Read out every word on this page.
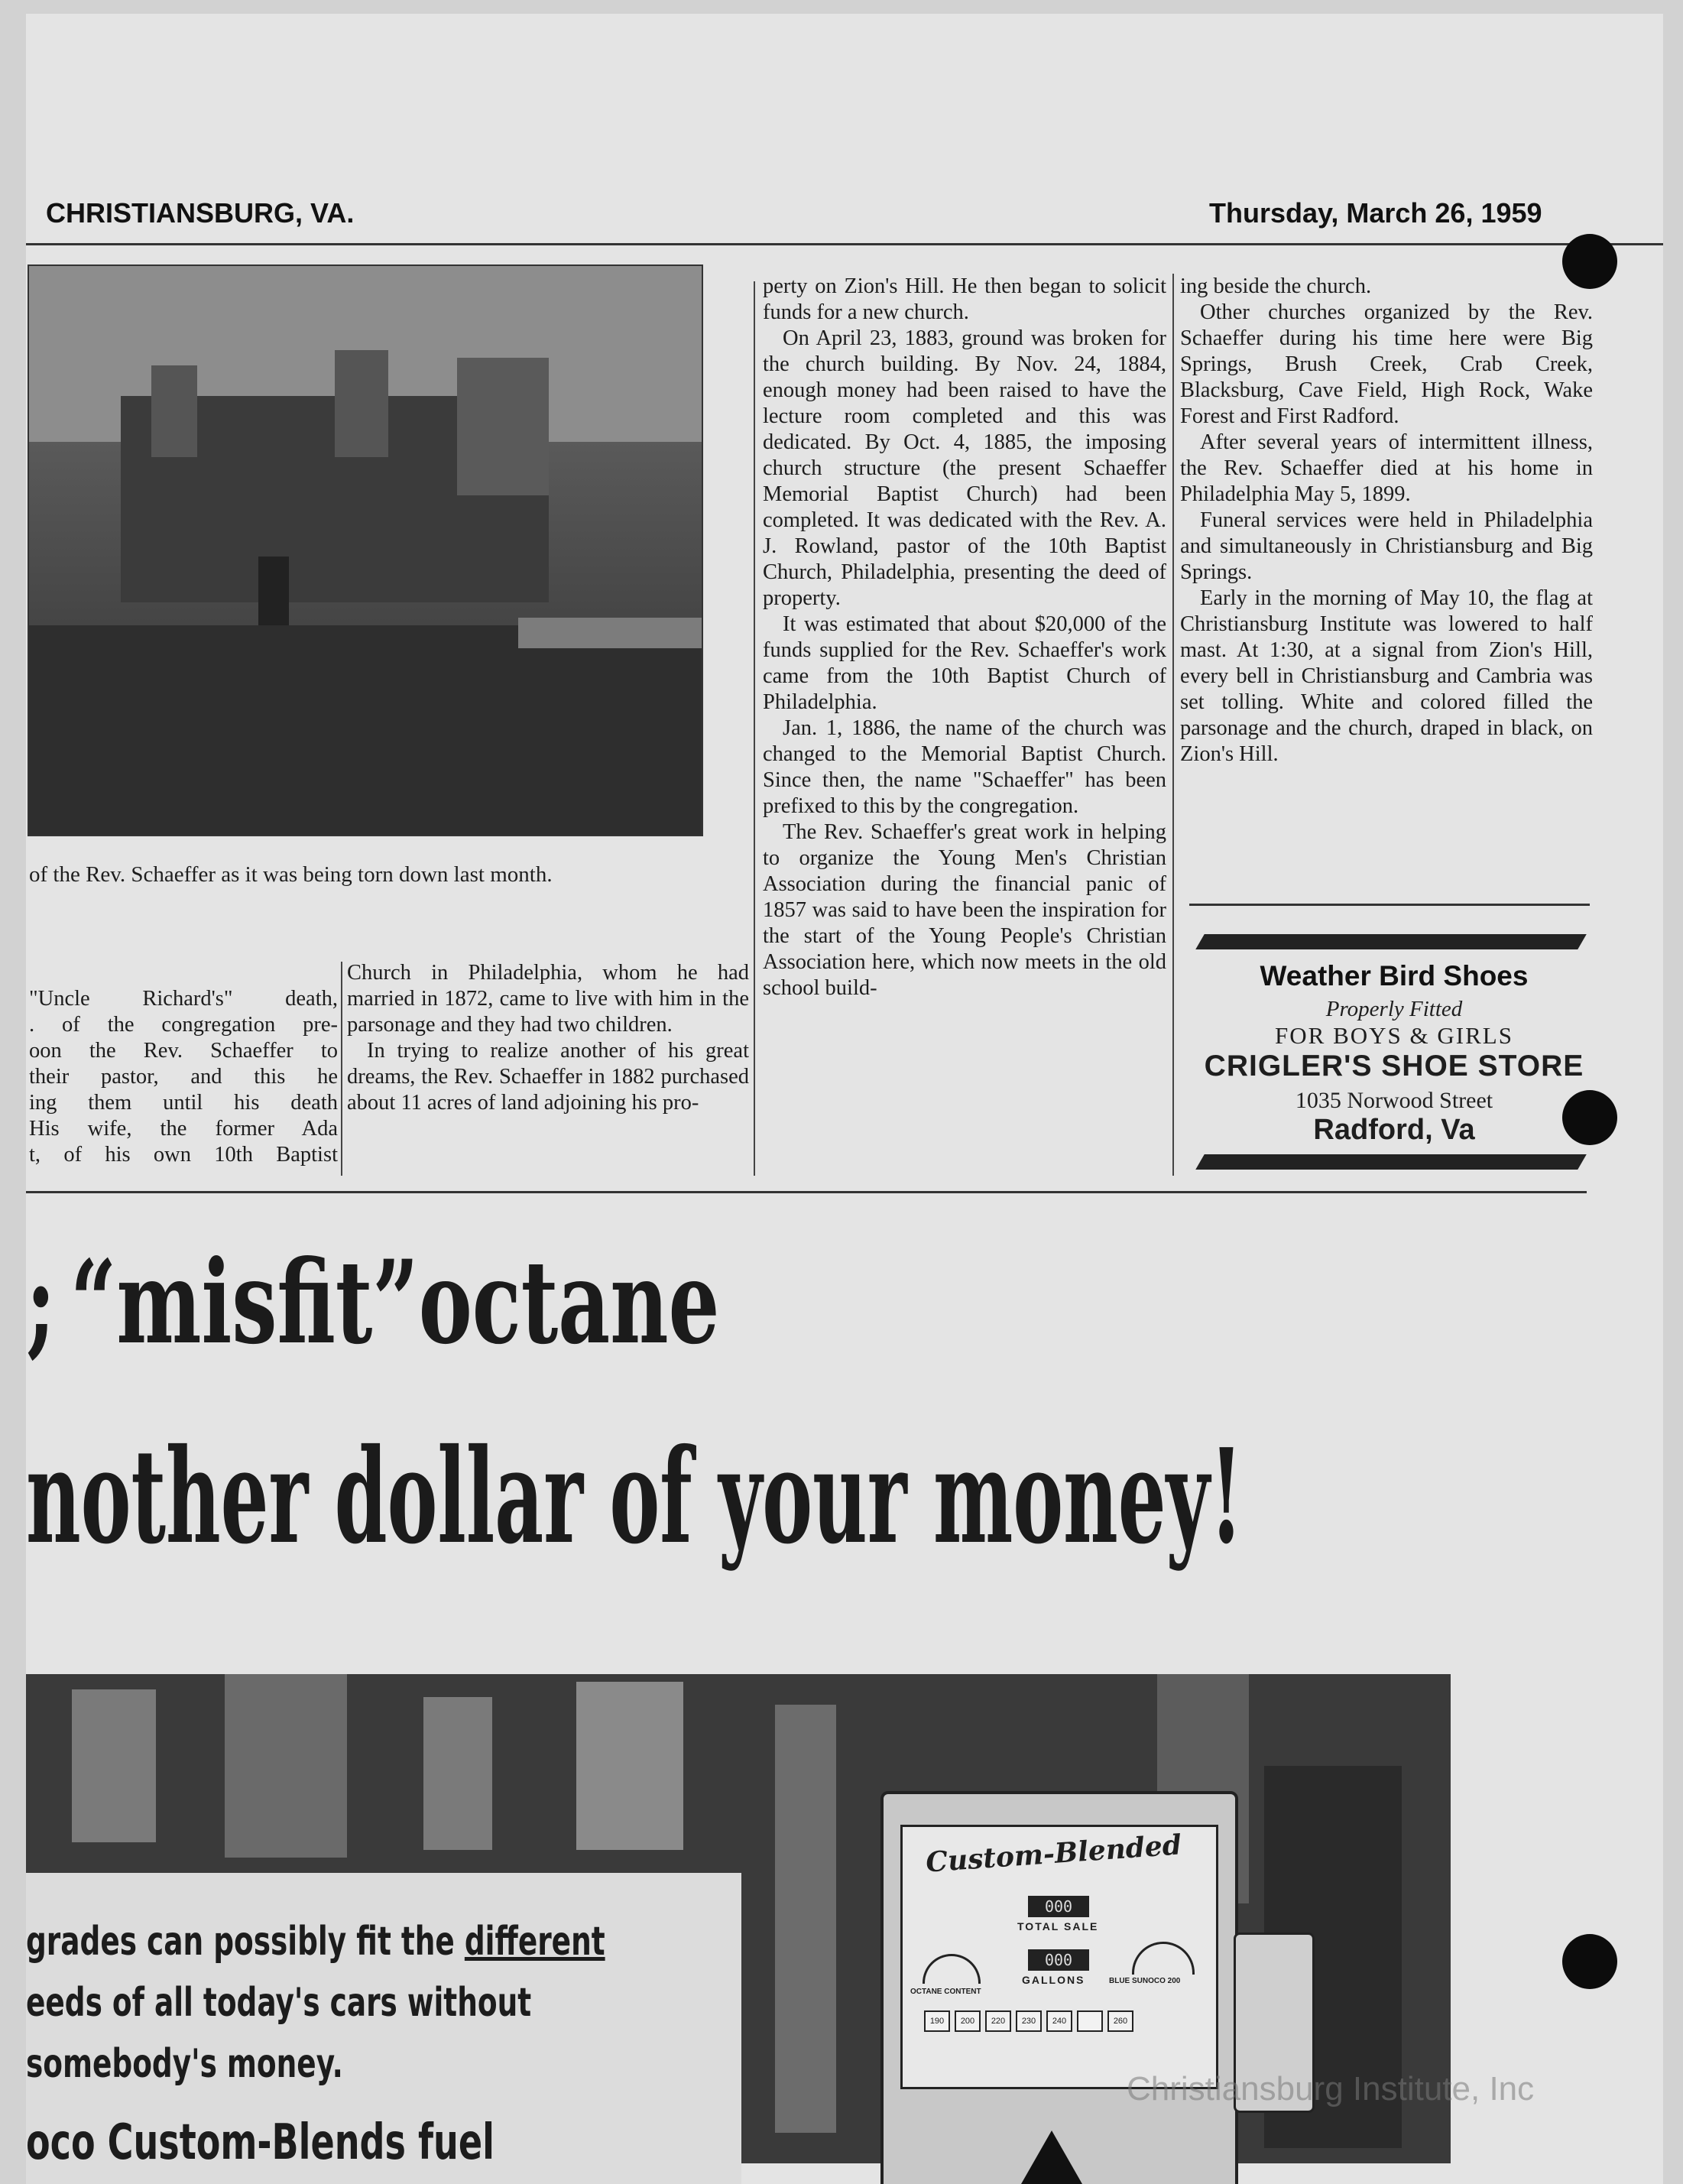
CHRISTIANSBURG, VA.	Thursday, March 26, 1959
of the Rev. Schaeffer as it was being torn down last month.
"Uncle Richard's" death,
. of the congregation pre-
oon the Rev. Schaeffer to
their pastor, and this he
ing them until his death
His wife, the former Ada
t, of his own 10th Baptist

Church in Philadelphia, whom he had married in 1872, came to live with him in the parsonage and they had two children.

In trying to realize another of his great dreams, the Rev. Schaeffer in 1882 purchased about 11 acres of land adjoining his pro-

perty on Zion's Hill. He then began to solicit funds for a new church.

On April 23, 1883, ground was broken for the church building. By Nov. 24, 1884, enough money had been raised to have the lecture room completed and this was dedicated. By Oct. 4, 1885, the imposing church structure (the present Schaeffer Memorial Baptist Church) had been completed. It was dedicated with the Rev. A. J. Rowland, pastor of the 10th Baptist Church, Philadelphia, presenting the deed of property.

It was estimated that about $20,000 of the funds supplied for the Rev. Schaeffer's work came from the 10th Baptist Church of Philadelphia.

Jan. 1, 1886, the name of the church was changed to the Memorial Baptist Church. Since then, the name "Schaeffer" has been prefixed to this by the congregation.

The Rev. Schaeffer's great work in helping to organize the Young Men's Christian Association during the financial panic of 1857 was said to have been the inspiration for the start of the Young People's Christian Association here, which now meets in the old school build-

ing beside the church.

Other churches organized by the Rev. Schaeffer during his time here were Big Springs, Brush Creek, Crab Creek, Blacksburg, Cave Field, High Rock, Wake Forest and First Radford.

After several years of intermittent illness, the Rev. Schaeffer died at his home in Philadelphia May 5, 1899.

Funeral services were held in Philadelphia and simultaneously in Christiansburg and Big Springs.

Early in the morning of May 10, the flag at Christiansburg Institute was lowered to half mast. At 1:30, at a signal from Zion's Hill, every bell in Christiansburg and Cambria was set tolling. White and colored filled the parsonage and the church, draped in black, on Zion's Hill.

Weather Bird Shoes
Properly Fitted
FOR BOYS & GIRLS
CRIGLER'S SHOE STORE
1035 Norwood Street
Radford, Va
; “misfit”octane
nother dollar of your money!
grades can possibly fit the different
eeds of all today's cars without
somebody's money.
oco Custom-Blends fuel
Custom-Blended
000
TOTAL SALE
000
GALLONS
OCTANE CONTENT
BLUE SUNOCO 200
190	200	220	230	240	260
Christiansburg Institute, Inc
